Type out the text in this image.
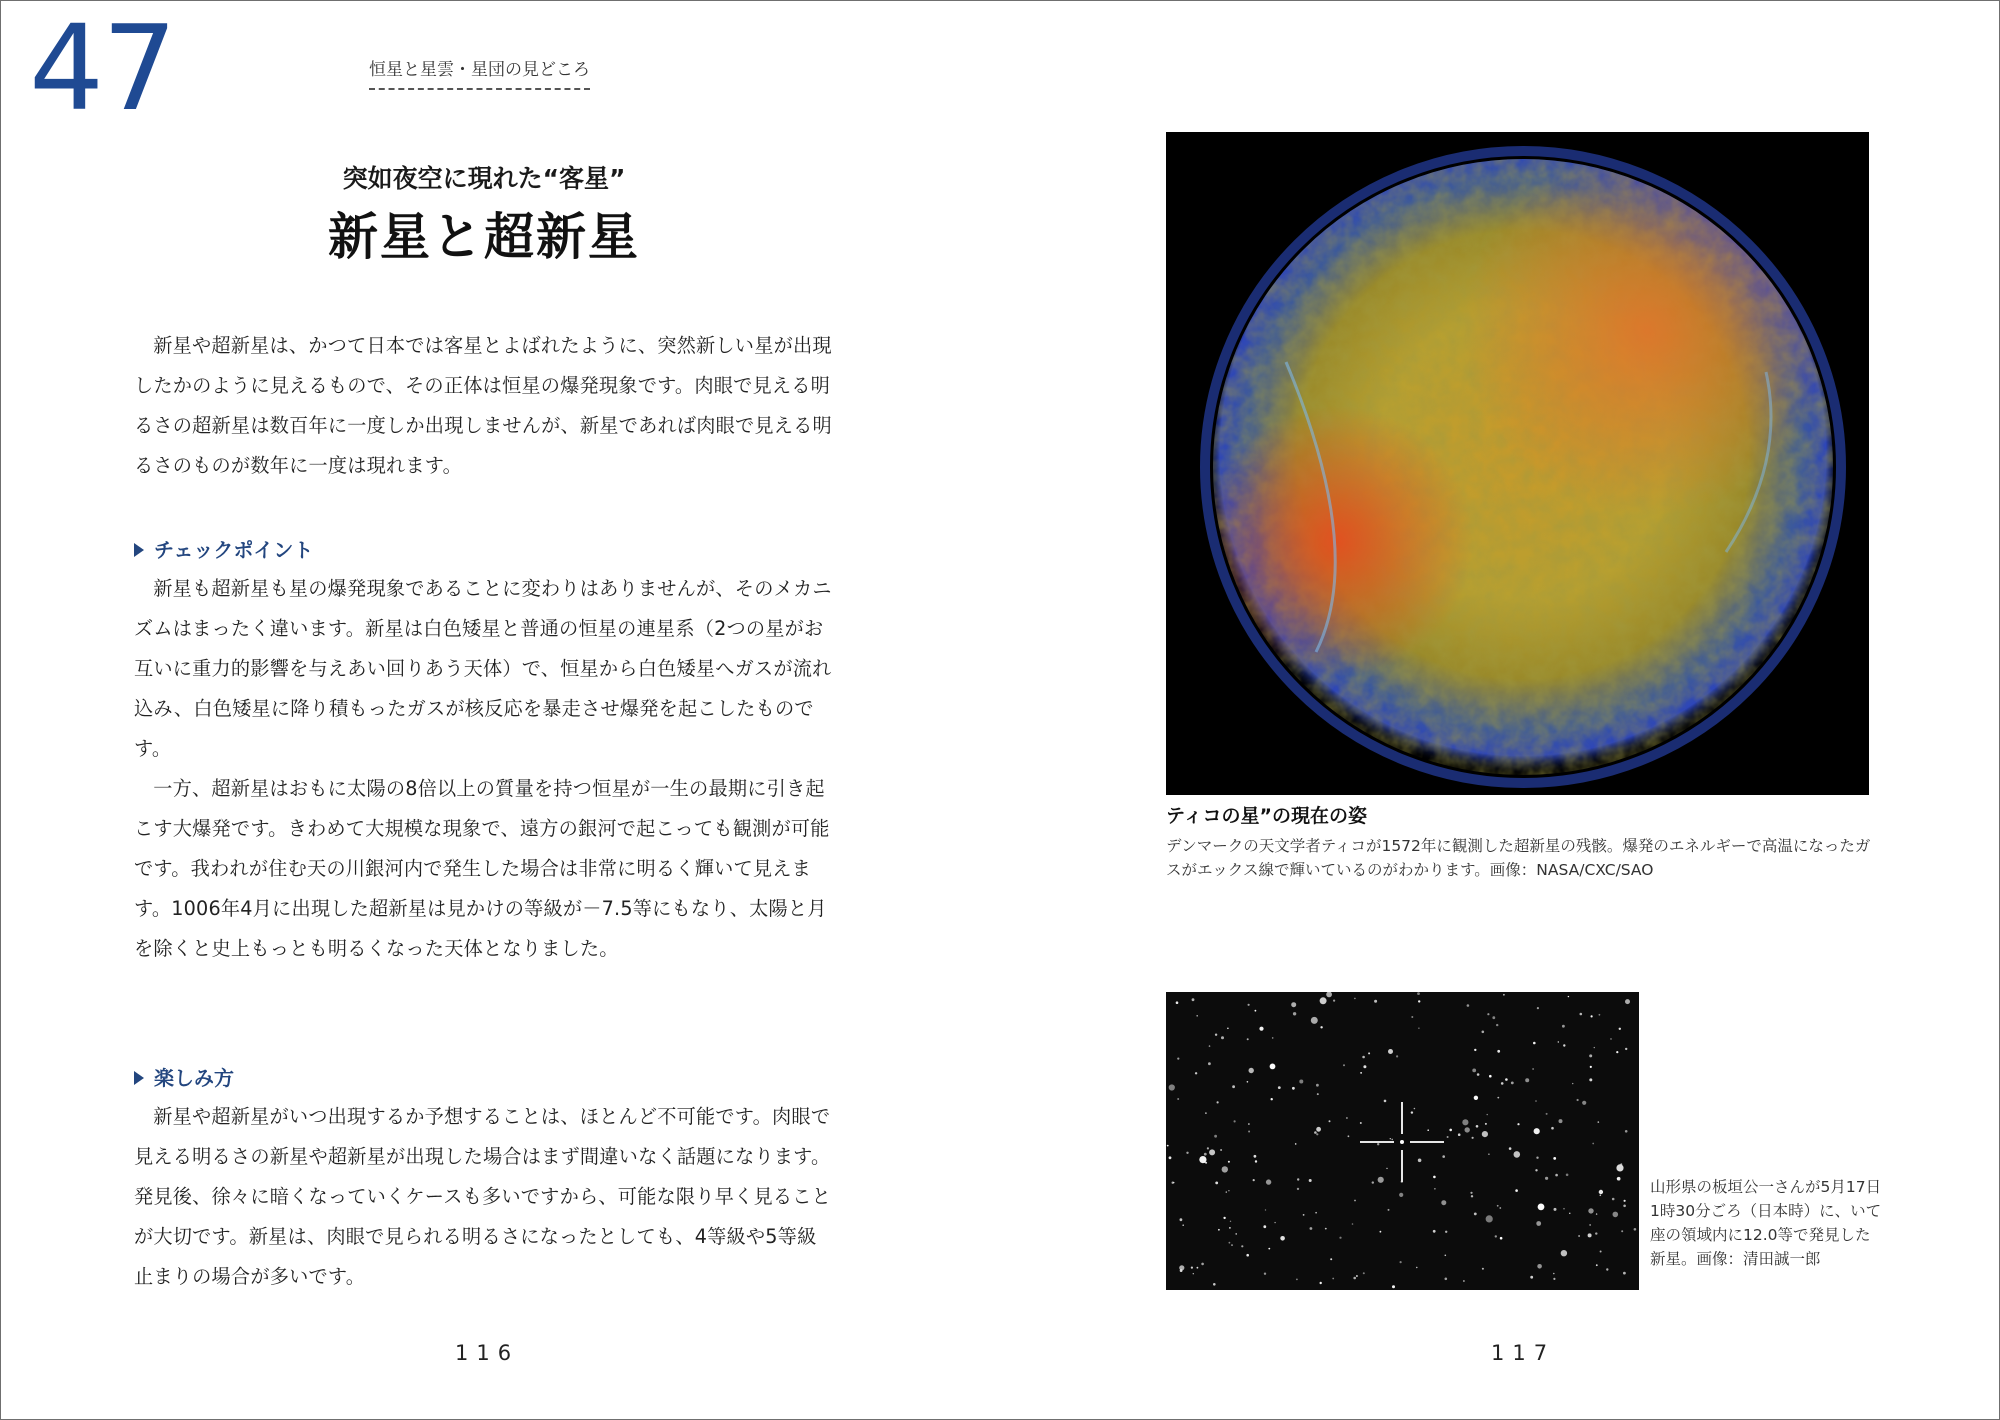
47	恒星と星雲・星団の見どころ
突如夜空に現れた“客星”
新星と超新星

新星や超新星は、かつて日本では客星とよばれたように、突然新しい星が出現したかのように見えるもので、その正体は恒星の爆発現象です。肉眼で見える明るさの超新星は数百年に一度しか出現しませんが、新星であれば肉眼で見える明るさのものが数年に一度は現れます。

チェックポイント

新星も超新星も星の爆発現象であることに変わりはありませんが、そのメカニズムはまったく違います。新星は白色矮星と普通の恒星の連星系（2つの星がお互いに重力的影響を与えあい回りあう天体）で、恒星から白色矮星へガスが流れ込み、白色矮星に降り積もったガスが核反応を暴走させ爆発を起こしたものです。

一方、超新星はおもに太陽の8倍以上の質量を持つ恒星が一生の最期に引き起こす大爆発です。きわめて大規模な現象で、遠方の銀河で起こっても観測が可能です。我われが住む天の川銀河内で発生した場合は非常に明るく輝いて見えます。1006年4月に出現した超新星は見かけの等級が－7.5等にもなり、太陽と月を除くと史上もっとも明るくなった天体となりました。

楽しみ方

新星や超新星がいつ出現するか予想することは、ほとんど不可能です。肉眼で見える明るさの新星や超新星が出現した場合はまず間違いなく話題になります。発見後、徐々に暗くなっていくケースも多いですから、可能な限り早く見ることが大切です。新星は、肉眼で見られる明るさになったとしても、4等級や5等級止まりの場合が多いです。

116	117
ティコの星”の現在の姿
デンマークの天文学者ティコが1572年に観測した超新星の残骸。爆発のエネルギーで高温になったガスがエックス線で輝いているのがわかります。画像：NASA/CXC/SAO
山形県の板垣公一さんが5月17日1時30分ごろ（日本時）に、いて座の領域内に12.0等で発見した新星。画像：清田誠一郎
